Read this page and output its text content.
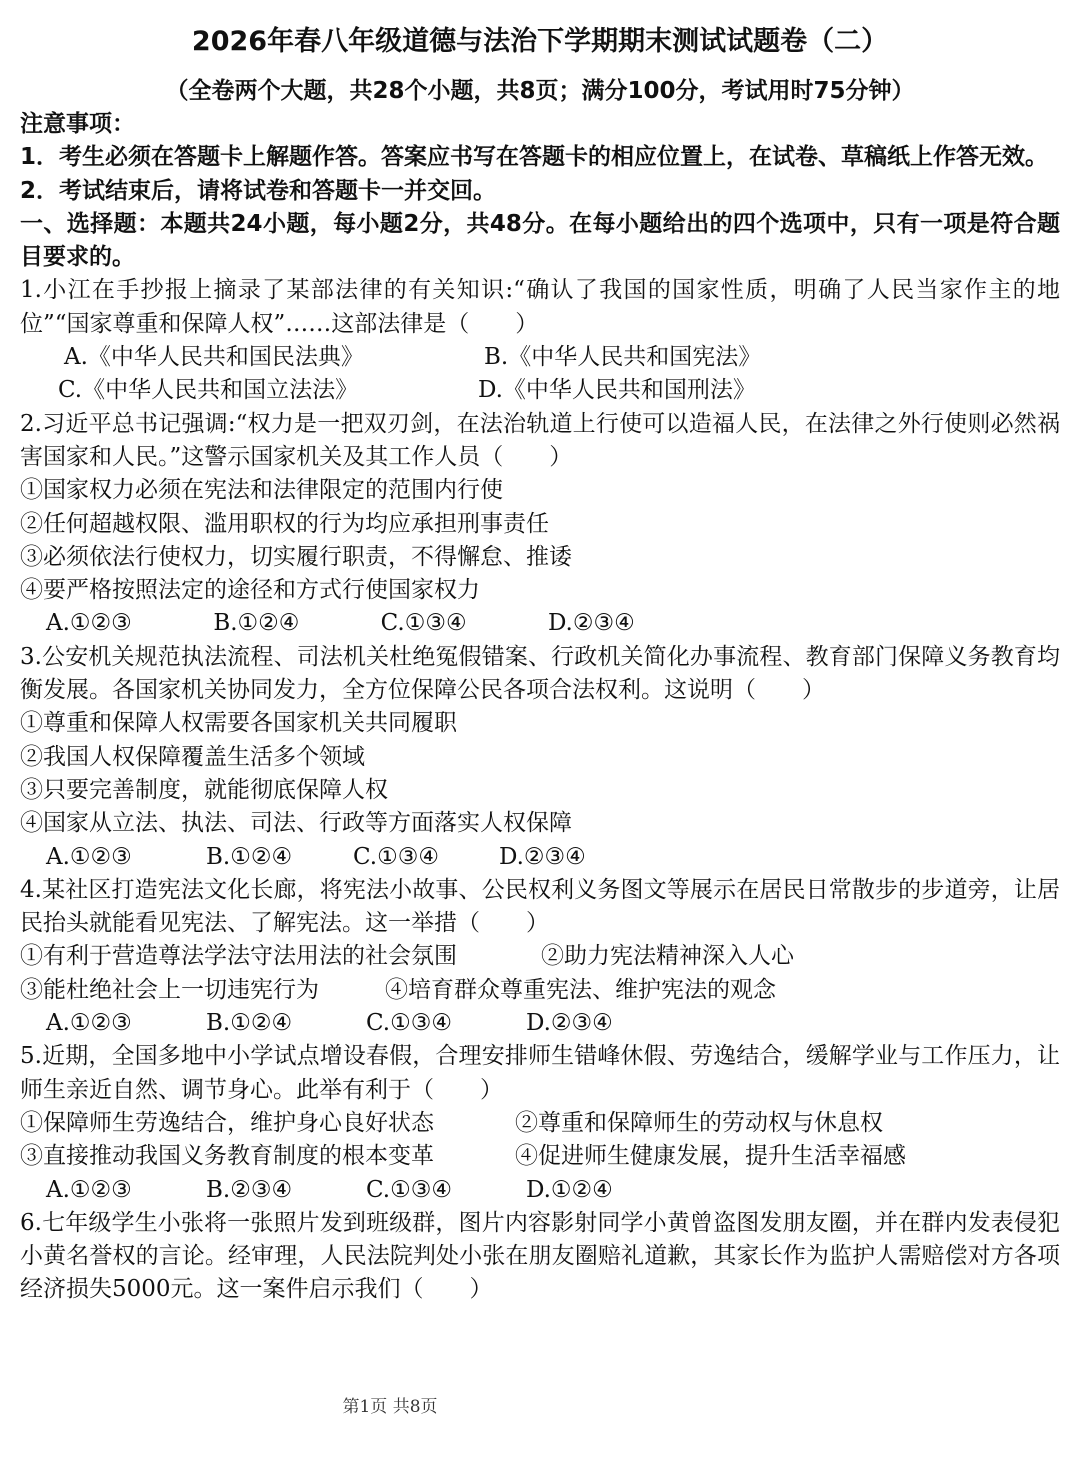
2026年春八年级道德与法治下学期期末测试试题卷（二）
（全卷两个大题，共28个小题，共8页；满分100分，考试用时75分钟）

注意事项：

1．考生必须在答题卡上解题作答。答案应书写在答题卡的相应位置上，在试卷、草稿纸上作答无效。

2．考试结束后，请将试卷和答题卡一并交回。

一、选择题：本题共24小题，每小题2分，共48分。在每小题给出的四个选项中，只有一项是符合题目要求的。

1.小江在手抄报上摘录了某部法律的有关知识:“确认了我国的国家性质，明确了人民当家作主的地位”“国家尊重和保障人权”……这部法律是（　　）

A.《中华人民共和国民法典》	B.《中华人民共和国宪法》
C.《中华人民共和国立法法》	D.《中华人民共和国刑法》

2.习近平总书记强调:“权力是一把双刃剑，在法治轨道上行使可以造福人民，在法律之外行使则必然祸害国家和人民。”这警示国家机关及其工作人员（　　）

①国家权力必须在宪法和法律限定的范围内行使

②任何超越权限、滥用职权的行为均应承担刑事责任

③必须依法行使权力，切实履行职责，不得懈怠、推诿

④要严格按照法定的途径和方式行使国家权力

A.①②③	B.①②④	C.①③④	D.②③④

3.公安机关规范执法流程、司法机关杜绝冤假错案、行政机关简化办事流程、教育部门保障义务教育均衡发展。各国家机关协同发力，全方位保障公民各项合法权利。这说明（　　）

①尊重和保障人权需要各国家机关共同履职

②我国人权保障覆盖生活多个领域

③只要完善制度，就能彻底保障人权

④国家从立法、执法、司法、行政等方面落实人权保障

A.①②③	B.①②④	C.①③④	D.②③④

4.某社区打造宪法文化长廊，将宪法小故事、公民权利义务图文等展示在居民日常散步的步道旁，让居民抬头就能看见宪法、了解宪法。这一举措（　　）

①有利于营造尊法学法守法用法的社会氛围	②助力宪法精神深入人心
③能杜绝社会上一切违宪行为	④培育群众尊重宪法、维护宪法的观念
A.①②③	B.①②④	C.①③④	D.②③④

5.近期，全国多地中小学试点增设春假，合理安排师生错峰休假、劳逸结合，缓解学业与工作压力，让师生亲近自然、调节身心。此举有利于（　　）

①保障师生劳逸结合，维护身心良好状态	②尊重和保障师生的劳动权与休息权
③直接推动我国义务教育制度的根本变革	④促进师生健康发展，提升生活幸福感
A.①②③	B.②③④	C.①③④	D.①②④

6.七年级学生小张将一张照片发到班级群，图片内容影射同学小黄曾盗图发朋友圈，并在群内发表侵犯小黄名誉权的言论。经审理，人民法院判处小张在朋友圈赔礼道歉，其家长作为监护人需赔偿对方各项经济损失5000元。这一案件启示我们（　　）

第1页 共8页
